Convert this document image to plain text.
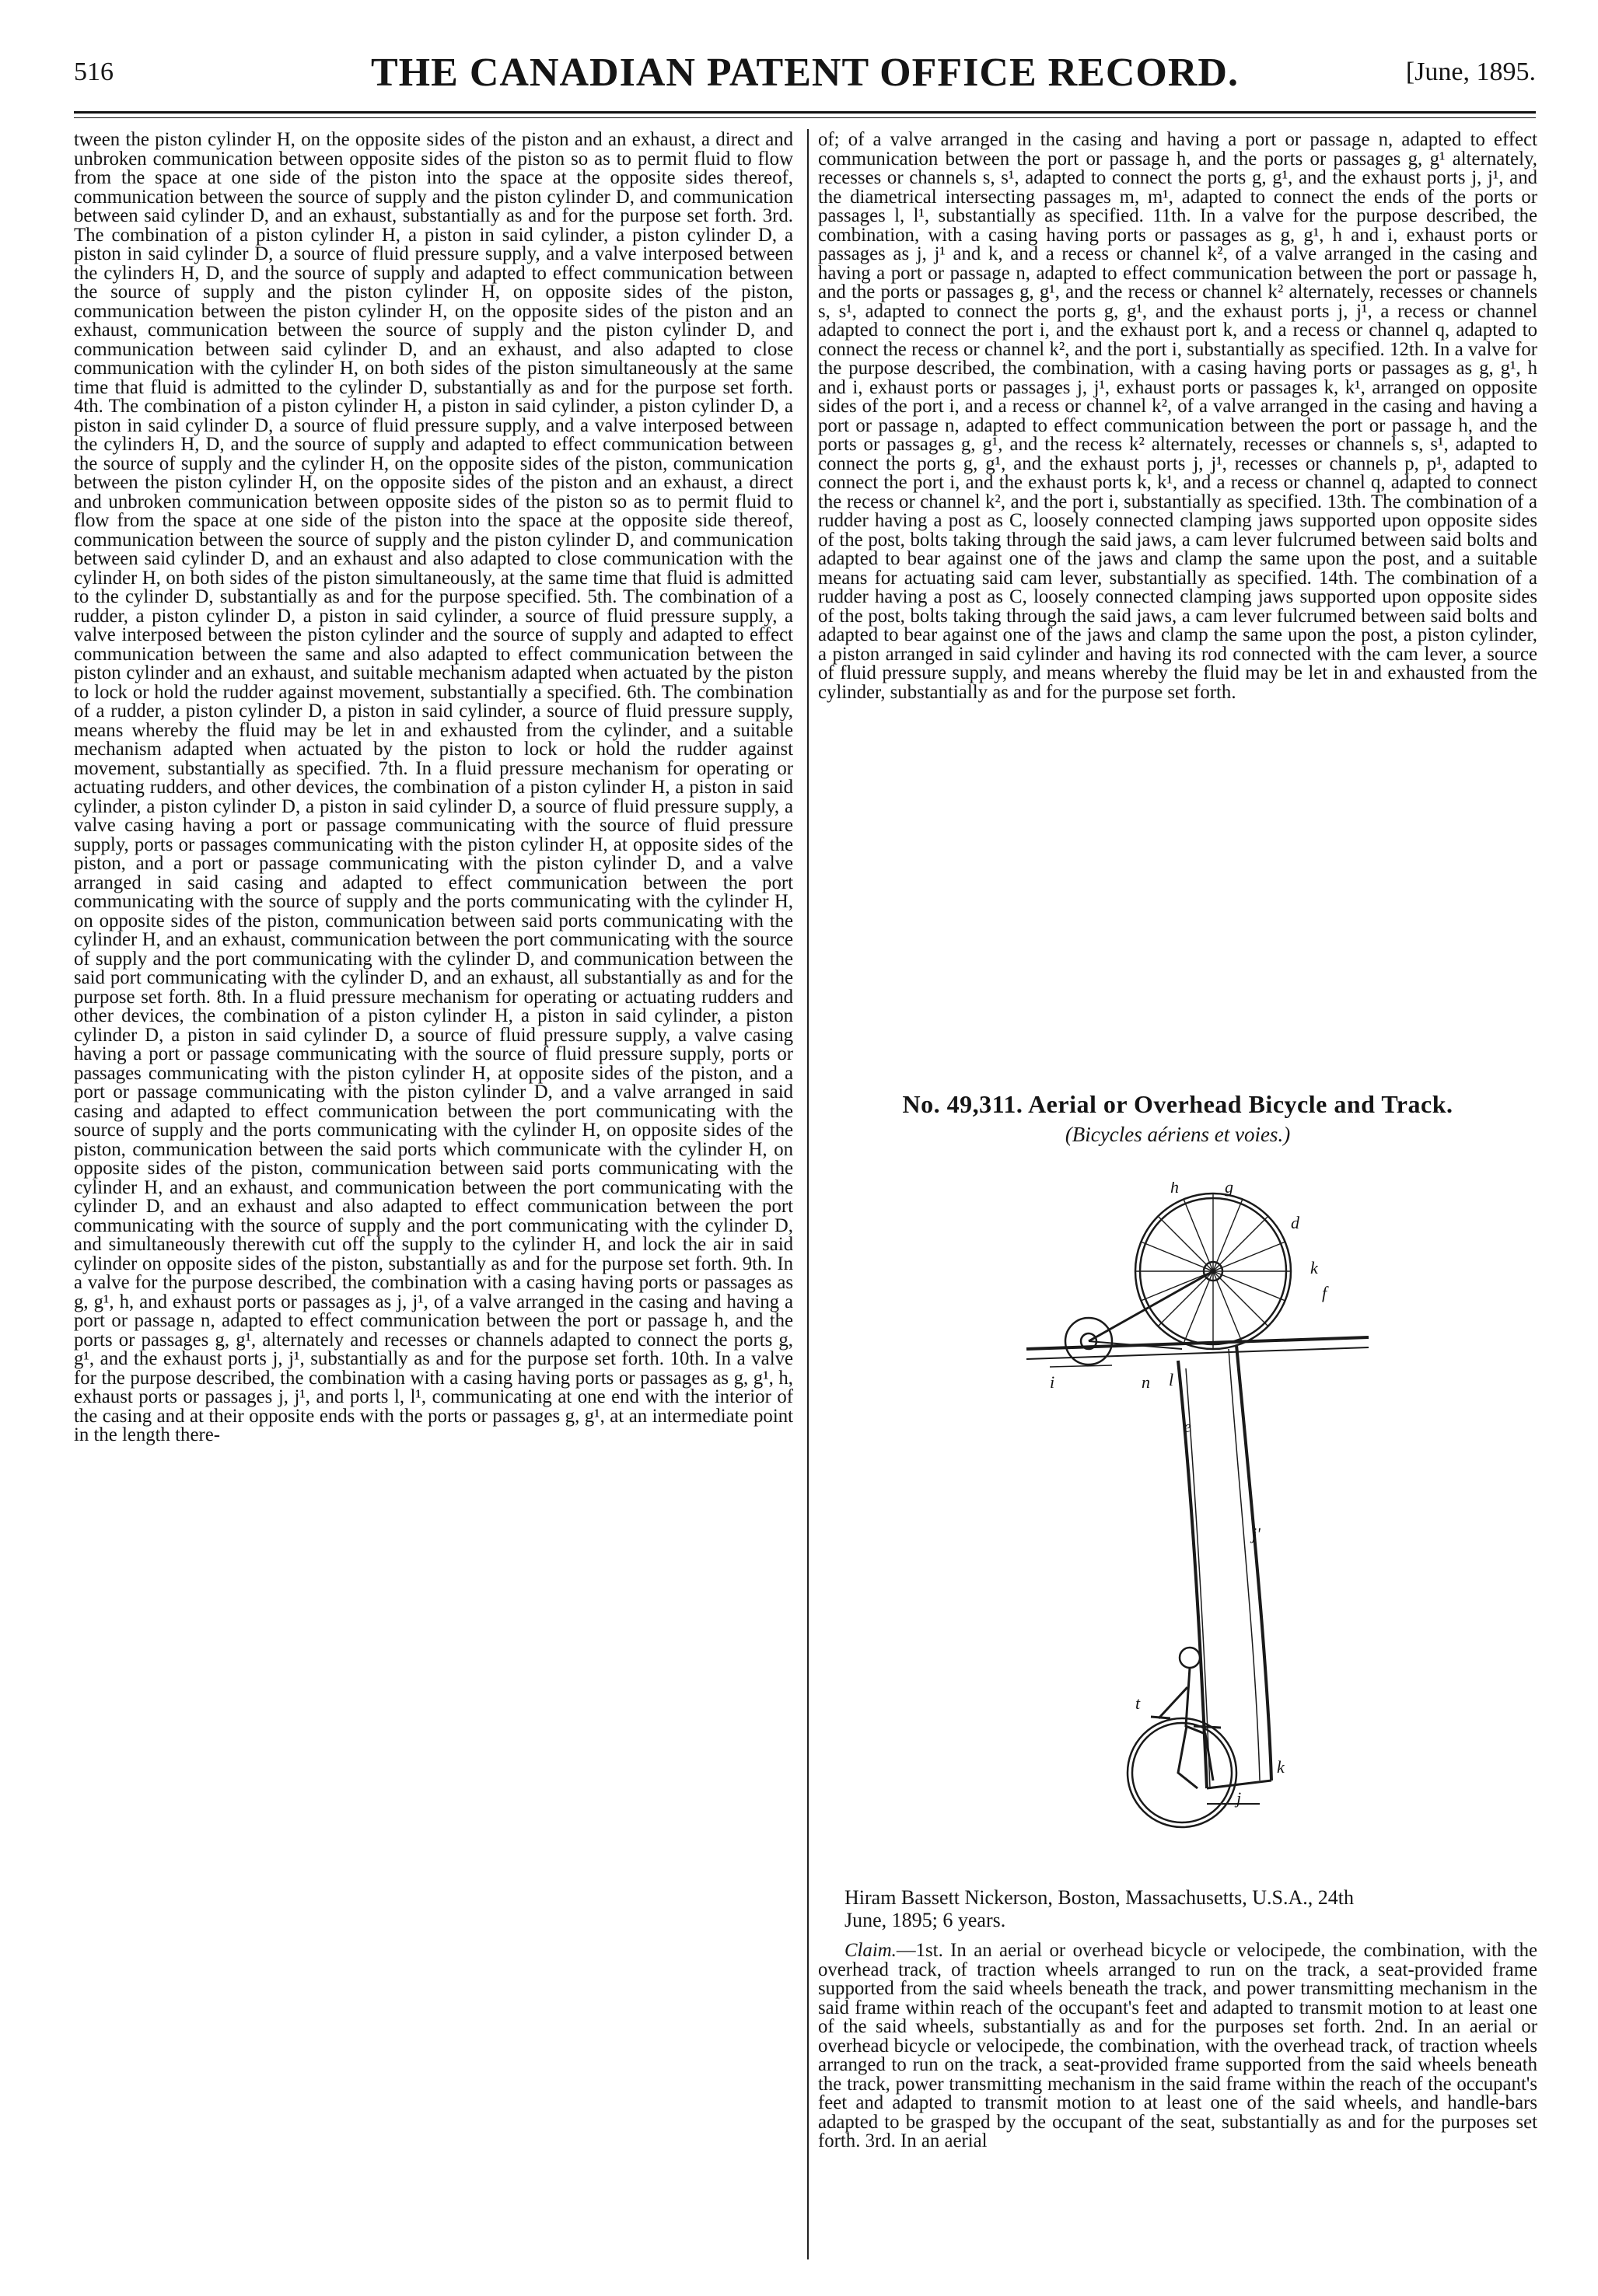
516	THE CANADIAN PATENT OFFICE RECORD.	[June, 1895.

tween the piston cylinder H, on the opposite sides of the piston and an exhaust, a direct and unbroken communication between opposite sides of the piston so as to permit fluid to flow from the space at one side of the piston into the space at the opposite sides thereof, communication between the source of supply and the piston cylinder D, and communication between said cylinder D, and an exhaust, substantially as and for the purpose set forth. 3rd. The combination of a piston cylinder H, a piston in said cylinder, a piston cylinder D, a piston in said cylinder D, a source of fluid pressure supply, and a valve interposed between the cylinders H, D, and the source of supply and adapted to effect communication between the source of supply and the piston cylinder H, on opposite sides of the piston, communication between the piston cylinder H, on the opposite sides of the piston and an exhaust, communication between the source of supply and the piston cylinder D, and communication between said cylinder D, and an exhaust, and also adapted to close communication with the cylinder H, on both sides of the piston simultaneously at the same time that fluid is admitted to the cylinder D, substantially as and for the purpose set forth. 4th. The combination of a piston cylinder H, a piston in said cylinder, a piston cylinder D, a piston in said cylinder D, a source of fluid pressure supply, and a valve interposed between the cylinders H, D, and the source of supply and adapted to effect communication between the source of supply and the cylinder H, on the opposite sides of the piston, communication between the piston cylinder H, on the opposite sides of the piston and an exhaust, a direct and unbroken communication between opposite sides of the piston so as to permit fluid to flow from the space at one side of the piston into the space at the opposite side thereof, communication between the source of supply and the piston cylinder D, and communication between said cylinder D, and an exhaust and also adapted to close communication with the cylinder H, on both sides of the piston simultaneously, at the same time that fluid is admitted to the cylinder D, substantially as and for the purpose specified. 5th. The combination of a rudder, a piston cylinder D, a piston in said cylinder, a source of fluid pressure supply, a valve interposed between the piston cylinder and the source of supply and adapted to effect communication between the same and also adapted to effect communication between the piston cylinder and an exhaust, and suitable mechanism adapted when actuated by the piston to lock or hold the rudder against movement, substantially a specified. 6th. The combination of a rudder, a piston cylinder D, a piston in said cylinder, a source of fluid pressure supply, means whereby the fluid may be let in and exhausted from the cylinder, and a suitable mechanism adapted when actuated by the piston to lock or hold the rudder against movement, substantially as specified. 7th. In a fluid pressure mechanism for operating or actuating rudders, and other devices, the combination of a piston cylinder H, a piston in said cylinder, a piston cylinder D, a piston in said cylinder D, a source of fluid pressure supply, a valve casing having a port or passage communicating with the source of fluid pressure supply, ports or passages communicating with the piston cylinder H, at opposite sides of the piston, and a port or passage communicating with the piston cylinder D, and a valve arranged in said casing and adapted to effect communication between the port communicating with the source of supply and the ports communicating with the cylinder H, on opposite sides of the piston, communication between said ports communicating with the cylinder H, and an exhaust, communication between the port communicating with the source of supply and the port communicating with the cylinder D, and communication between the said port communicating with the cylinder D, and an exhaust, all substantially as and for the purpose set forth. 8th. In a fluid pressure mechanism for operating or actuating rudders and other devices, the combination of a piston cylinder H, a piston in said cylinder, a piston cylinder D, a piston in said cylinder D, a source of fluid pressure supply, a valve casing having a port or passage communicating with the source of fluid pressure supply, ports or passages communicating with the piston cylinder H, at opposite sides of the piston, and a port or passage communicating with the piston cylinder D, and a valve arranged in said casing and adapted to effect communication between the port communicating with the source of supply and the ports communicating with the cylinder H, on opposite sides of the piston, communication between the said ports which communicate with the cylinder H, on opposite sides of the piston, communication between said ports communicating with the cylinder H, and an exhaust, and communication between the port communicating with the cylinder D, and an exhaust and also adapted to effect communication between the port communicating with the source of supply and the port communicating with the cylinder D, and simultaneously therewith cut off the supply to the cylinder H, and lock the air in said cylinder on opposite sides of the piston, substantially as and for the purpose set forth. 9th. In a valve for the purpose described, the combination with a casing having ports or passages as g, g¹, h, and exhaust ports or passages as j, j¹, of a valve arranged in the casing and having a port or passage n, adapted to effect communication between the port or passage h, and the ports or passages g, g¹, alternately and recesses or channels adapted to connect the ports g, g¹, and the exhaust ports j, j¹, substantially as and for the purpose set forth. 10th. In a valve for the purpose described, the combination with a casing having ports or passages as g, g¹, h, exhaust ports or passages j, j¹, and ports l, l¹, communicating at one end with the interior of the casing and at their opposite ends with the ports or passages g, g¹, at an intermediate point in the length there-

of; of a valve arranged in the casing and having a port or passage n, adapted to effect communication between the port or passage h, and the ports or passages g, g¹ alternately, recesses or channels s, s¹, adapted to connect the ports g, g¹, and the exhaust ports j, j¹, and the diametrical intersecting passages m, m¹, adapted to connect the ends of the ports or passages l, l¹, substantially as specified. 11th. In a valve for the purpose described, the combination, with a casing having ports or passages as g, g¹, h and i, exhaust ports or passages as j, j¹ and k, and a recess or channel k², of a valve arranged in the casing and having a port or passage n, adapted to effect communication between the port or passage h, and the ports or passages g, g¹, and the recess or channel k² alternately, recesses or channels s, s¹, adapted to connect the ports g, g¹, and the exhaust ports j, j¹, a recess or channel adapted to connect the port i, and the exhaust port k, and a recess or channel q, adapted to connect the recess or channel k², and the port i, substantially as specified. 12th. In a valve for the purpose described, the combination, with a casing having ports or passages as g, g¹, h and i, exhaust ports or passages j, j¹, exhaust ports or passages k, k¹, arranged on opposite sides of the port i, and a recess or channel k², of a valve arranged in the casing and having a port or passage n, adapted to effect communication between the port or passage h, and the ports or passages g, g¹, and the recess k² alternately, recesses or channels s, s¹, adapted to connect the ports g, g¹, and the exhaust ports j, j¹, recesses or channels p, p¹, adapted to connect the port i, and the exhaust ports k, k¹, and a recess or channel q, adapted to connect the recess or channel k², and the port i, substantially as specified. 13th. The combination of a rudder having a post as C, loosely connected clamping jaws supported upon opposite sides of the post, bolts taking through the said jaws, a cam lever fulcrumed between said bolts and adapted to bear against one of the jaws and clamp the same upon the post, and a suitable means for actuating said cam lever, substantially as specified. 14th. The combination of a rudder having a post as C, loosely connected clamping jaws supported upon opposite sides of the post, bolts taking through the said jaws, a cam lever fulcrumed between said bolts and adapted to bear against one of the jaws and clamp the same upon the post, a piston cylinder, a piston arranged in said cylinder and having its rod connected with the cam lever, a source of fluid pressure supply, and means whereby the fluid may be let in and exhausted from the cylinder, substantially as and for the purpose set forth.

No. 49,311. Aerial or Overhead Bicycle and Track.
(Bicycles aériens et voies.)
h	g
d
k
f
i	n l
e
j'
t
k
j
Hiram Bassett Nickerson, Boston, Massachusetts, U.S.A., 24th
June, 1895; 6 years.
Claim.—1st. In an aerial or overhead bicycle or velocipede, the combination, with the overhead track, of traction wheels arranged to run on the track, a seat-provided frame supported from the said wheels beneath the track, and power transmitting mechanism in the said frame within reach of the occupant's feet and adapted to transmit motion to at least one of the said wheels, substantially as and for the purposes set forth. 2nd. In an aerial or overhead bicycle or velocipede, the combination, with the overhead track, of traction wheels arranged to run on the track, a seat-provided frame supported from the said wheels beneath the track, power transmitting mechanism in the said frame within the reach of the occupant's feet and adapted to transmit motion to at least one of the said wheels, and handle-bars adapted to be grasped by the occupant of the seat, substantially as and for the purposes set forth. 3rd. In an aerial
